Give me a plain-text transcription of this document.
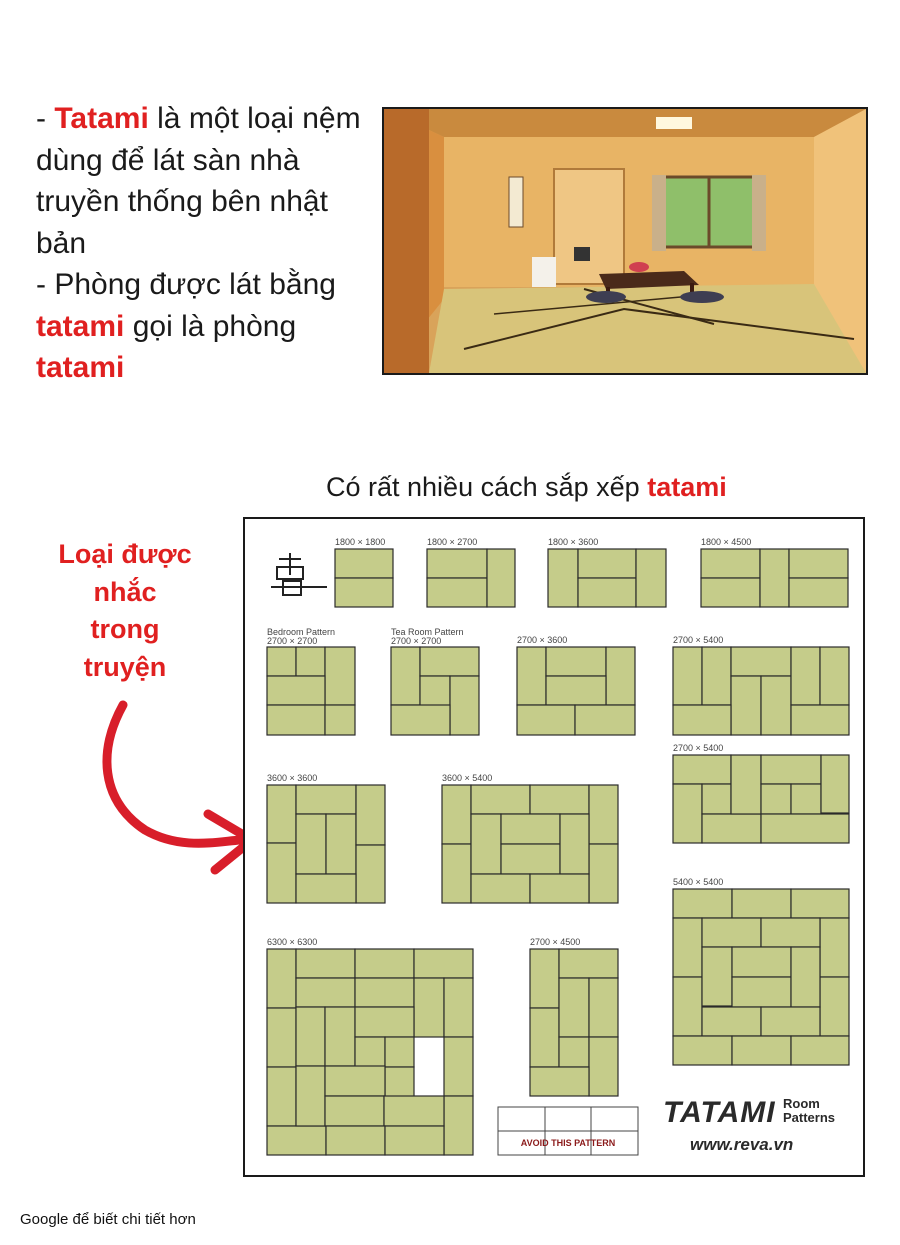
- Tatami là một loại nệm dùng để lát sàn nhà truyền thống bên nhật bản
- Phòng được lát bằng tatami gọi là phòng tatami
Có rất nhiều cách sắp xếp tatami
Loại được
nhắc
trong
truyện
1800 × 1800	1800 × 2700	1800 × 3600	1800 × 4500
Bedroom Pattern
2700 × 2700
Tea Room Pattern
2700 × 2700	2700 × 3600	2700 × 5400
2700 × 5400
3600 × 3600	3600 × 5400
5400 × 5400
6300 × 6300	2700 × 4500
AVOID THIS PATTERN
TATAMI Room
Patterns
www.reva.vn
Google để biết chi tiết hơn
